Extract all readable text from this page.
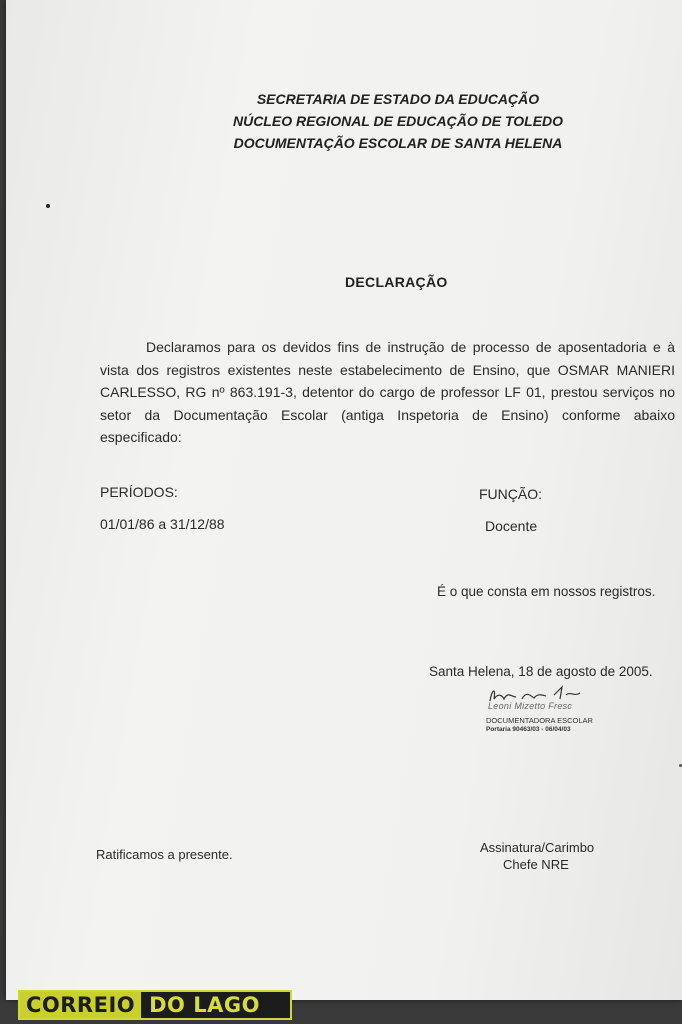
SECRETARIA DE ESTADO DA EDUCAÇÃO
NÚCLEO REGIONAL DE EDUCAÇÃO DE TOLEDO
DOCUMENTAÇÃO ESCOLAR DE SANTA HELENA
DECLARAÇÃO
Declaramos para os devidos fins de instrução de processo de aposentadoria e à vista dos registros existentes neste estabelecimento de Ensino, que OSMAR MANIERI CARLESSO, RG nº 863.191-3, detentor do cargo de professor LF 01, prestou serviços no setor da Documentação Escolar (antiga Inspetoria de Ensino) conforme abaixo especificado:
PERÍODOS:	FUNÇÃO:
01/01/86 a 31/12/88	Docente
É o que consta em nossos registros.
Santa Helena, 18 de agosto de 2005.
Leoni Mizetto Fresc
DOCUMENTADORA ESCOLAR
Portaria 90463/03 - 06/04/03
Ratificamos a presente.	Assinatura/Carimbo
Chefe NRE
CORREIO DO LAGO
